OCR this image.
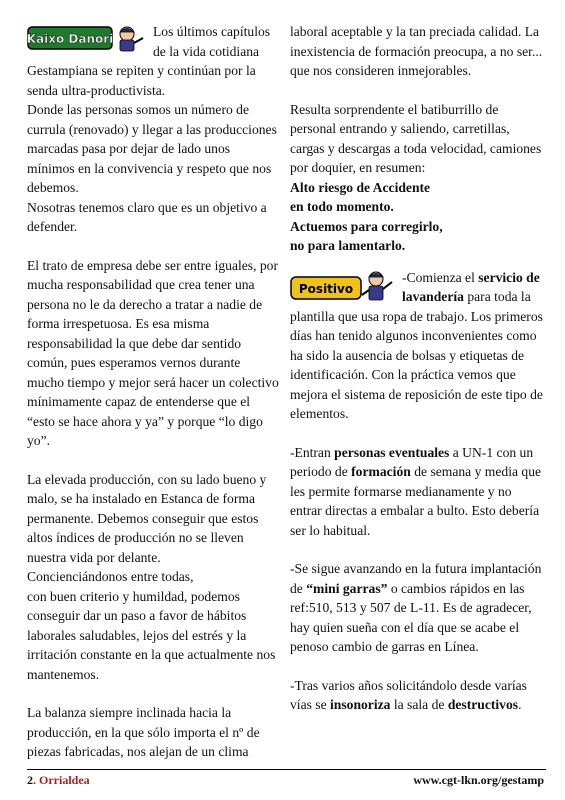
Kaixo Danori	Los últimos capítulos de la vida cotidiana Gestampiana se repiten y continúan por la senda ultra-productivista.

Donde las personas somos un número de currula (renovado) y llegar a las producciones marcadas pasa por dejar de lado unos mínimos en la convivencia y respeto que nos debemos.

Nosotras tenemos claro que es un objetivo a defender.

El trato de empresa debe ser entre iguales, por mucha responsabilidad que crea tener una persona no le da derecho a tratar a nadie de forma irrespetuosa. Es esa misma responsabilidad la que debe dar sentido común, pues esperamos vernos durante mucho tiempo y mejor será hacer un colectivo mínimamente capaz de entenderse que el “esto se hace ahora y ya” y porque “lo digo yo”.

La elevada producción, con su lado bueno y malo, se ha instalado en Estanca de forma permanente. Debemos conseguir que estos altos índices de producción no se lleven nuestra vida por delante.

Concienciándonos entre todas,

con buen criterio y humildad, podemos conseguir dar un paso a favor de hábitos laborales saludables, lejos del estrés y la irritación constante en la que actualmente nos mantenemos.

La balanza siempre inclinada hacia la producción, en la que sólo importa el nº de piezas fabricadas, nos alejan de un clima

laboral aceptable y la tan preciada calidad. La inexistencia de formación preocupa, a no ser... que nos consideren inmejorables.

Resulta sorprendente el batiburrillo de personal entrando y saliendo, carretillas, cargas y descargas a toda velocidad, camiones por doquier, en resumen:

Alto riesgo de Accidente

en todo momento.

Actuemos para corregirlo,

no para lamentarlo.

Positivo

-Comienza el servicio de lavandería para toda la plantilla que usa ropa de trabajo. Los primeros días han tenido algunos inconvenientes como ha sido la ausencia de bolsas y etiquetas de identificación. Con la práctica vemos que mejora el sistema de reposición de este tipo de elementos.

-Entran personas eventuales a UN-1 con un periodo de formación de semana y media que les permite formarse medianamente y no entrar directas a embalar a bulto. Esto debería ser lo habitual.

-Se sigue avanzando en la futura implantación de “mini garras” o cambios rápidos en las ref:510, 513 y 507 de L-11. Es de agradecer, hay quien sueña con el día que se acabe el penoso cambio de garras en Línea.

-Tras varios años solicitándolo desde varías vías se insonoriza la sala de destructivos.

2. Orrialdea	www.cgt-lkn.org/gestamp
